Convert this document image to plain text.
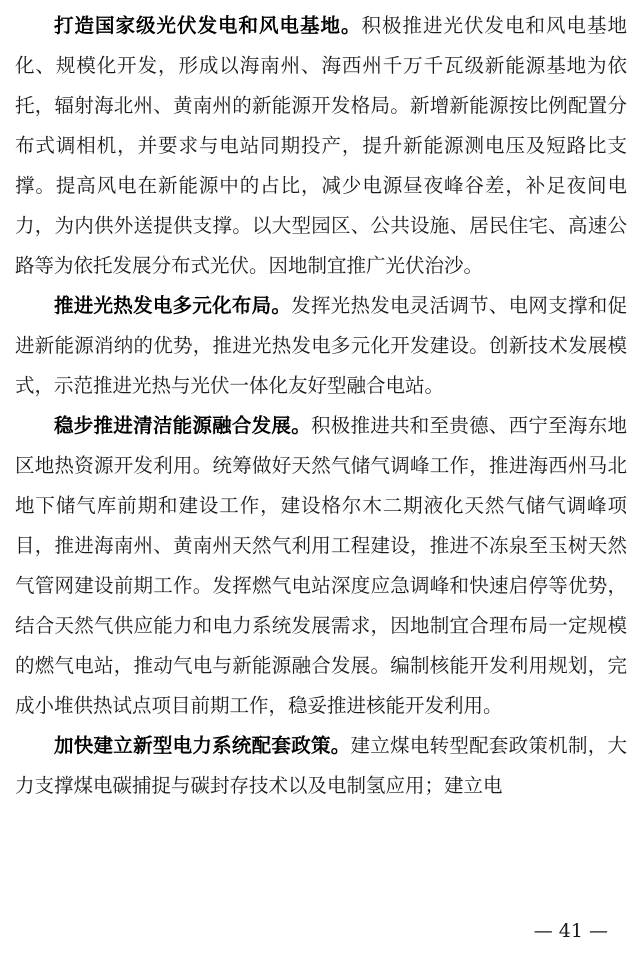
打造国家级光伏发电和风电基地。积极推进光伏发电和风电基地化、规模化开发，形成以海南州、海西州千万千瓦级新能源基地为依托，辐射海北州、黄南州的新能源开发格局。新增新能源按比例配置分布式调相机，并要求与电站同期投产，提升新能源测电压及短路比支撑。提高风电在新能源中的占比，减少电源昼夜峰谷差，补足夜间电力，为内供外送提供支撑。以大型园区、公共设施、居民住宅、高速公路等为依托发展分布式光伏。因地制宜推广光伏治沙。

推进光热发电多元化布局。发挥光热发电灵活调节、电网支撑和促进新能源消纳的优势，推进光热发电多元化开发建设。创新技术发展模式，示范推进光热与光伏一体化友好型融合电站。

稳步推进清洁能源融合发展。积极推进共和至贵德、西宁至海东地区地热资源开发利用。统筹做好天然气储气调峰工作，推进海西州马北地下储气库前期和建设工作，建设格尔木二期液化天然气储气调峰项目，推进海南州、黄南州天然气利用工程建设，推进不冻泉至玉树天然气管网建设前期工作。发挥燃气电站深度应急调峰和快速启停等优势，结合天然气供应能力和电力系统发展需求，因地制宜合理布局一定规模的燃气电站，推动气电与新能源融合发展。编制核能开发利用规划，完成小堆供热试点项目前期工作，稳妥推进核能开发利用。

加快建立新型电力系统配套政策。建立煤电转型配套政策机制，大力支撑煤电碳捕捉与碳封存技术以及电制氢应用；建立电

— 41 —
